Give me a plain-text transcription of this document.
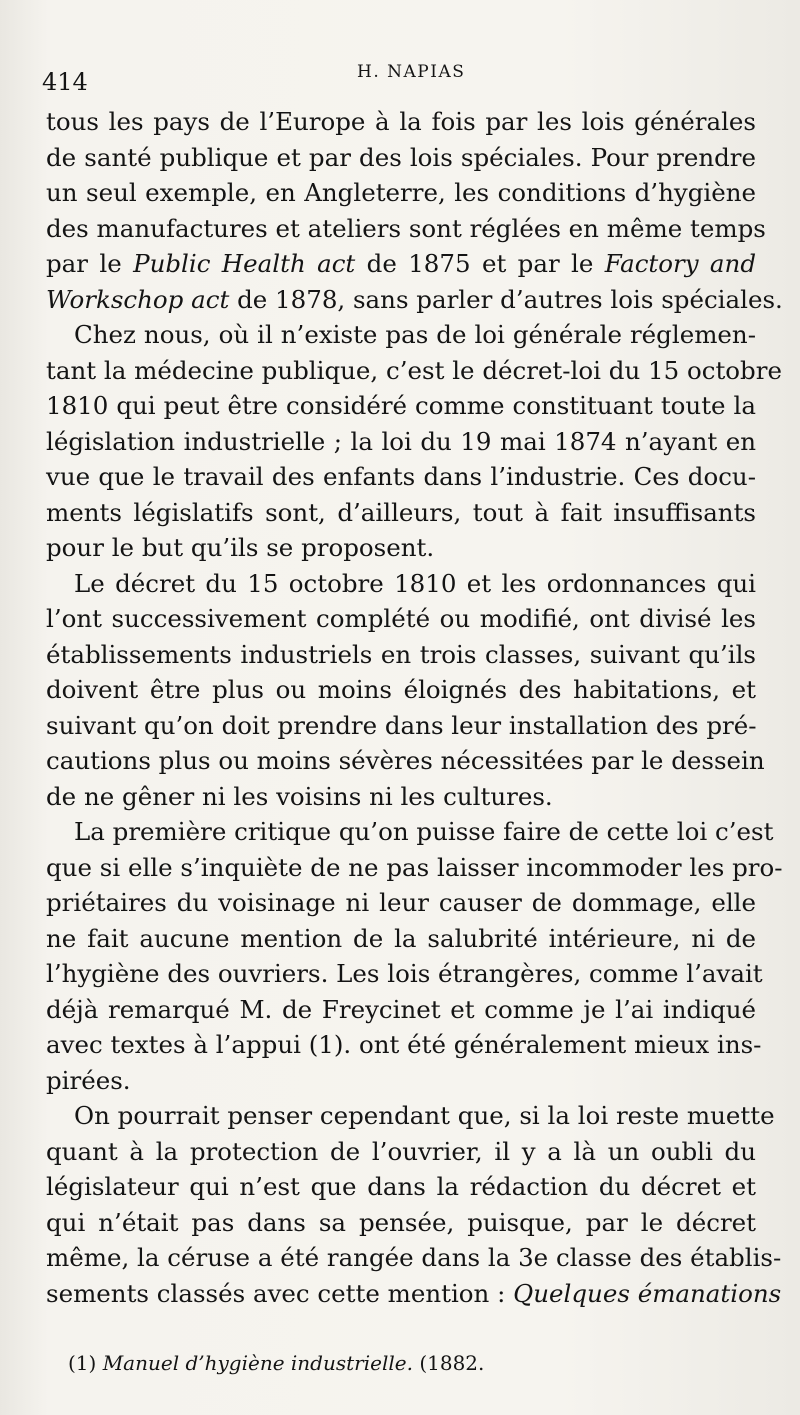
414	H. NAPIAS
tous les pays de l’Europe à la fois par les lois générales
de santé publique et par des lois spéciales. Pour prendre
un seul exemple, en Angleterre, les conditions d’hygiène
des manufactures et ateliers sont réglées en même temps
par le Public Health act de 1875 et par le Factory and
Workschop act de 1878, sans parler d’autres lois spéciales.
Chez nous, où il n’existe pas de loi générale réglemen-
tant la médecine publique, c’est le décret-loi du 15 octobre
1810 qui peut être considéré comme constituant toute la
législation industrielle ; la loi du 19 mai 1874 n’ayant en
vue que le travail des enfants dans l’industrie. Ces docu-
ments législatifs sont, d’ailleurs, tout à fait insuffisants
pour le but qu’ils se proposent.
Le décret du 15 octobre 1810 et les ordonnances qui
l’ont successivement complété ou modifié, ont divisé les
établissements industriels en trois classes, suivant qu’ils
doivent être plus ou moins éloignés des habitations, et
suivant qu’on doit prendre dans leur installation des pré-
cautions plus ou moins sévères nécessitées par le dessein
de ne gêner ni les voisins ni les cultures.
La première critique qu’on puisse faire de cette loi c’est
que si elle s’inquiète de ne pas laisser incommoder les pro-
priétaires du voisinage ni leur causer de dommage, elle
ne fait aucune mention de la salubrité intérieure, ni de
l’hygiène des ouvriers. Les lois étrangères, comme l’avait
déjà remarqué M. de Freycinet et comme je l’ai indiqué
avec textes à l’appui (1). ont été généralement mieux ins-
pirées.
On pourrait penser cependant que, si la loi reste muette
quant à la protection de l’ouvrier, il y a là un oubli du
législateur qui n’est que dans la rédaction du décret et
qui n’était pas dans sa pensée, puisque, par le décret
même, la céruse a été rangée dans la 3e classe des établis-
sements classés avec cette mention : Quelques émanations
(1) Manuel d’hygiène industrielle. (1882.
